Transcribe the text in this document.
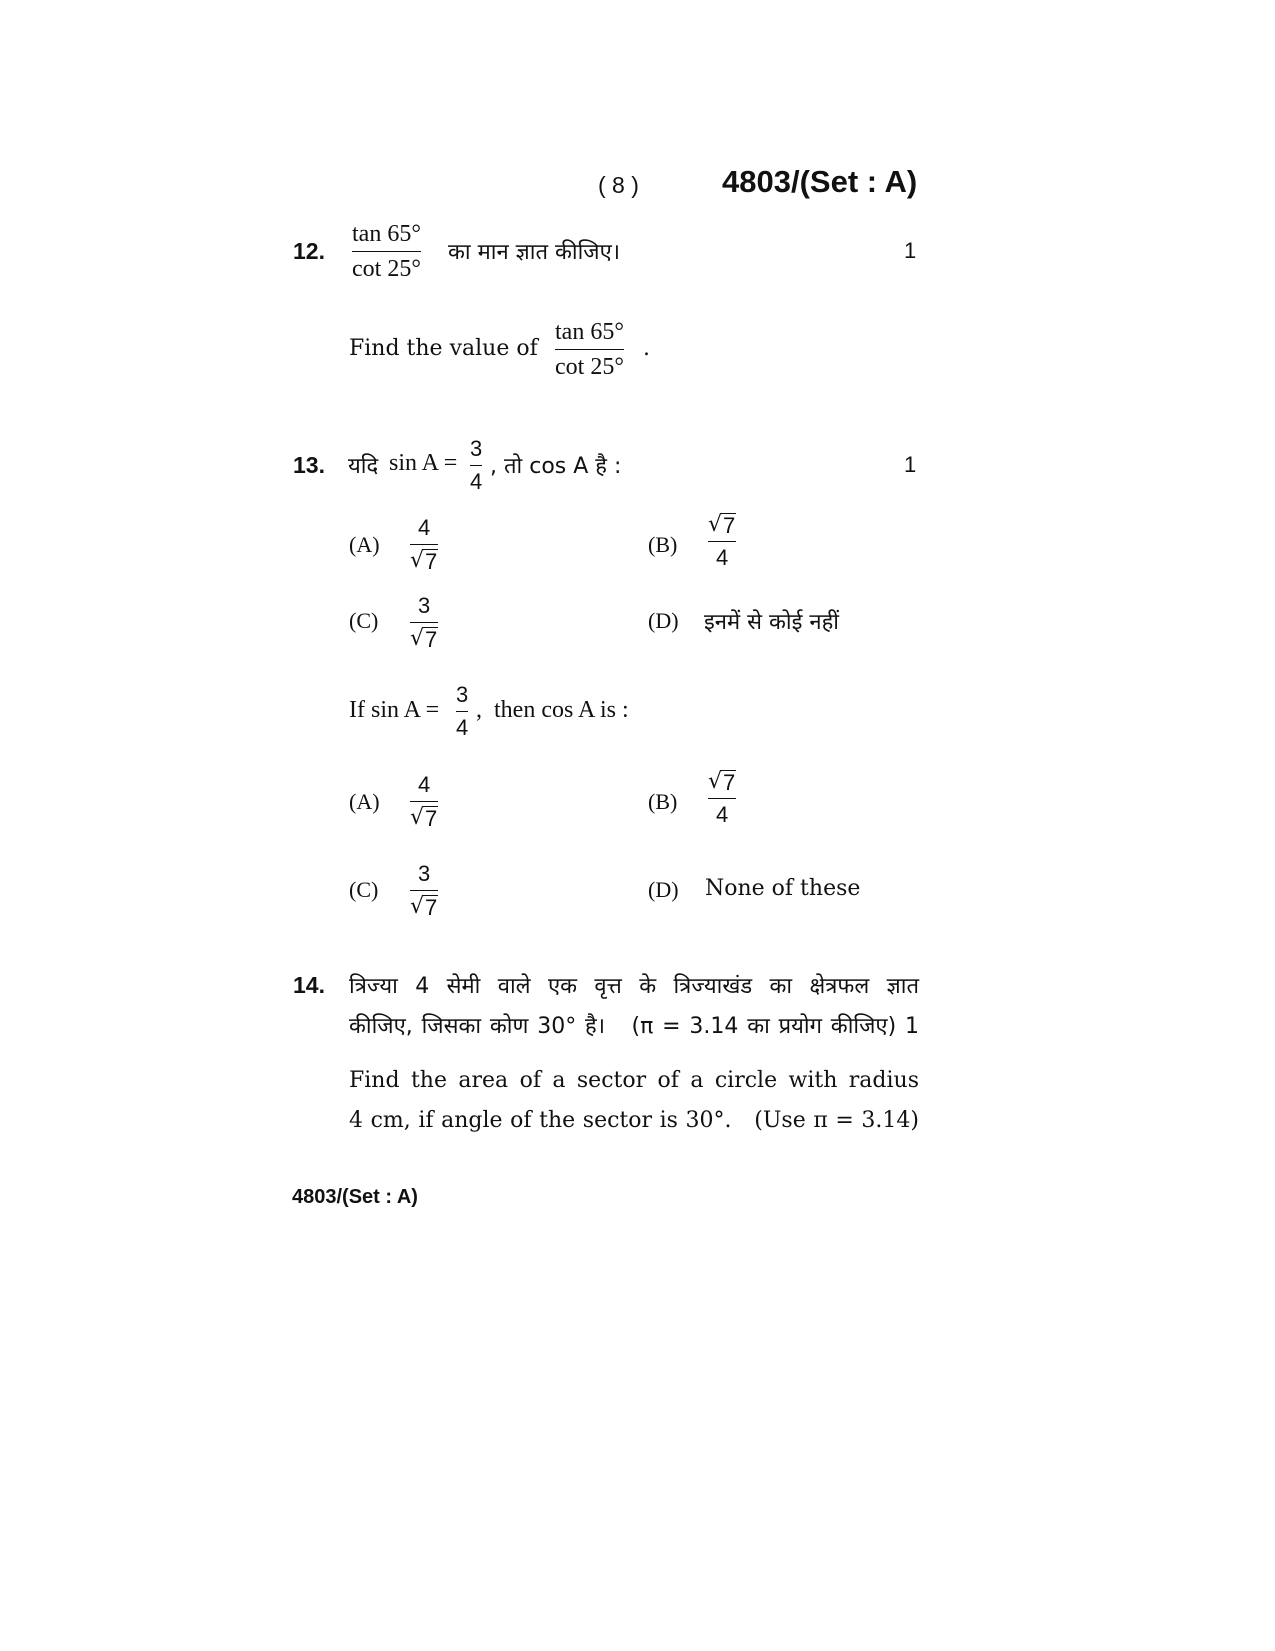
( 8 )	4803/(Set : A)
12.
tan 65°
cot 25°
का मान ज्ञात कीजिए।	1
Find the value of
tan 65°
cot 25°
.
13. यदि sin A =
3
4
, तो cos A है :	1
(A)
4
√ 7
(B)
√ 7
4
(C)
3
√ 7
(D) इनमें से कोई नहीं
If sin A =
3
4
,  then cos A is :
(A)
4
√ 7
(B)
√ 7
4
(C)
3
√ 7
(D) None of these
14. त्रिज्या 4 सेमी वाले एक वृत्त के त्रिज्याखंड का क्षेत्रफल ज्ञात
कीजिए, जिसका कोण 30° है।   (π = 3.14 का प्रयोग कीजिए) 1
Find the area of a sector of a circle with radius
4 cm, if angle of the sector is 30°.   (Use π = 3.14)
4803/(Set : A)
